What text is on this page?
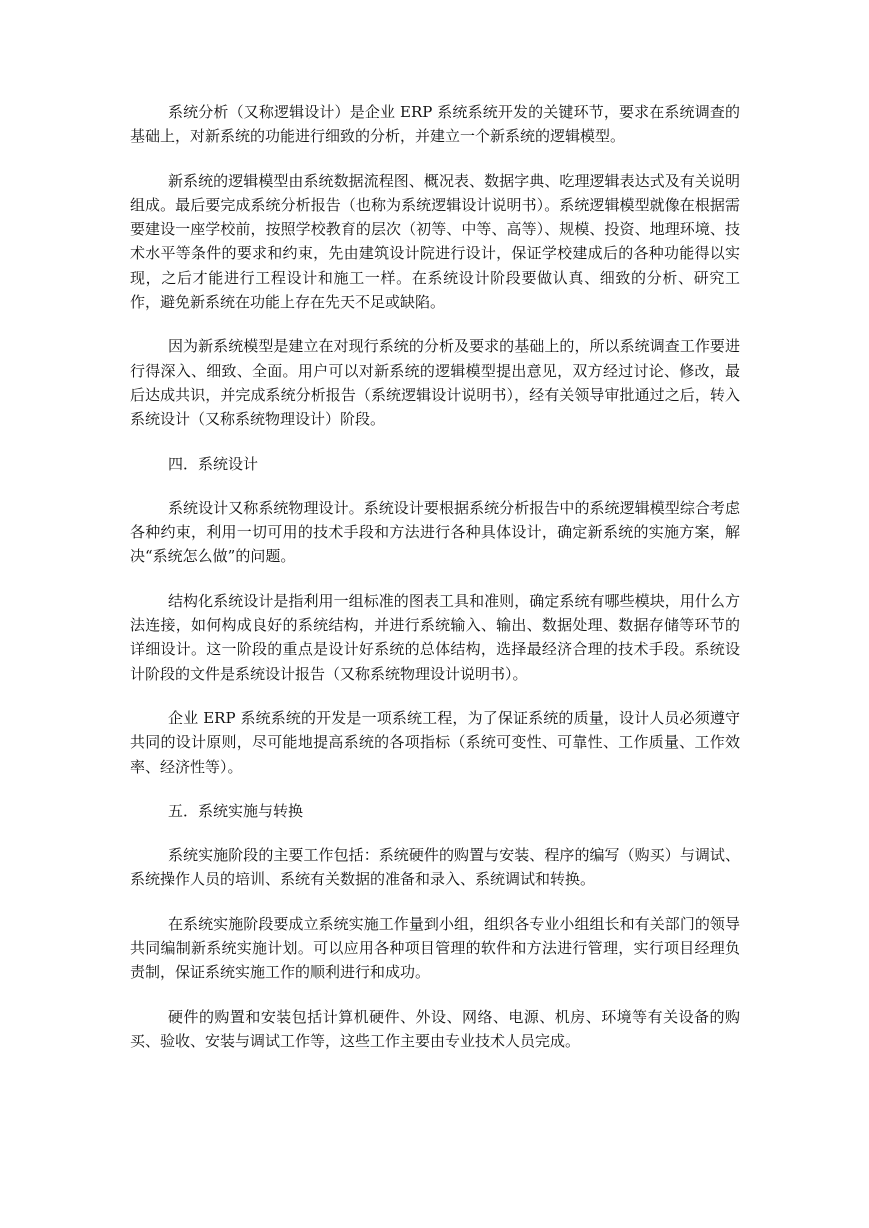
系统分析（又称逻辑设计）是企业 ERP 系统系统开发的关键环节，要求在系统调查的基础上，对新系统的功能进行细致的分析，并建立一个新系统的逻辑模型。

新系统的逻辑模型由系统数据流程图、概况表、数据字典、吃理逻辑表达式及有关说明组成。最后要完成系统分析报告（也称为系统逻辑设计说明书）。系统逻辑模型就像在根据需要建设一座学校前，按照学校教育的层次（初等、中等、高等）、规模、投资、地理环境、技术水平等条件的要求和约束，先由建筑设计院进行设计，保证学校建成后的各种功能得以实现，之后才能进行工程设计和施工一样。在系统设计阶段要做认真、细致的分析、研究工作，避免新系统在功能上存在先天不足或缺陷。

因为新系统模型是建立在对现行系统的分析及要求的基础上的，所以系统调查工作要进行得深入、细致、全面。用户可以对新系统的逻辑模型提出意见，双方经过讨论、修改，最后达成共识，并完成系统分析报告（系统逻辑设计说明书），经有关领导审批通过之后，转入系统设计（又称系统物理设计）阶段。

四．系统设计

系统设计又称系统物理设计。系统设计要根据系统分析报告中的系统逻辑模型综合考虑各种约束，利用一切可用的技术手段和方法进行各种具体设计，确定新系统的实施方案，解决“系统怎么做”的问题。

结构化系统设计是指利用一组标准的图表工具和准则，确定系统有哪些模块，用什么方法连接，如何构成良好的系统结构，并进行系统输入、输出、数据处理、数据存储等环节的详细设计。这一阶段的重点是设计好系统的总体结构，选择最经济合理的技术手段。系统设计阶段的文件是系统设计报告（又称系统物理设计说明书）。

企业 ERP 系统系统的开发是一项系统工程，为了保证系统的质量，设计人员必须遵守共同的设计原则，尽可能地提高系统的各项指标（系统可变性、可靠性、工作质量、工作效率、经济性等）。

五．系统实施与转换

系统实施阶段的主要工作包括：系统硬件的购置与安装、程序的编写（购买）与调试、系统操作人员的培训、系统有关数据的准备和录入、系统调试和转换。

在系统实施阶段要成立系统实施工作量到小组，组织各专业小组组长和有关部门的领导共同编制新系统实施计划。可以应用各种项目管理的软件和方法进行管理，实行项目经理负责制，保证系统实施工作的顺利进行和成功。

硬件的购置和安装包括计算机硬件、外设、网络、电源、机房、环境等有关设备的购买、验收、安装与调试工作等，这些工作主要由专业技术人员完成。
